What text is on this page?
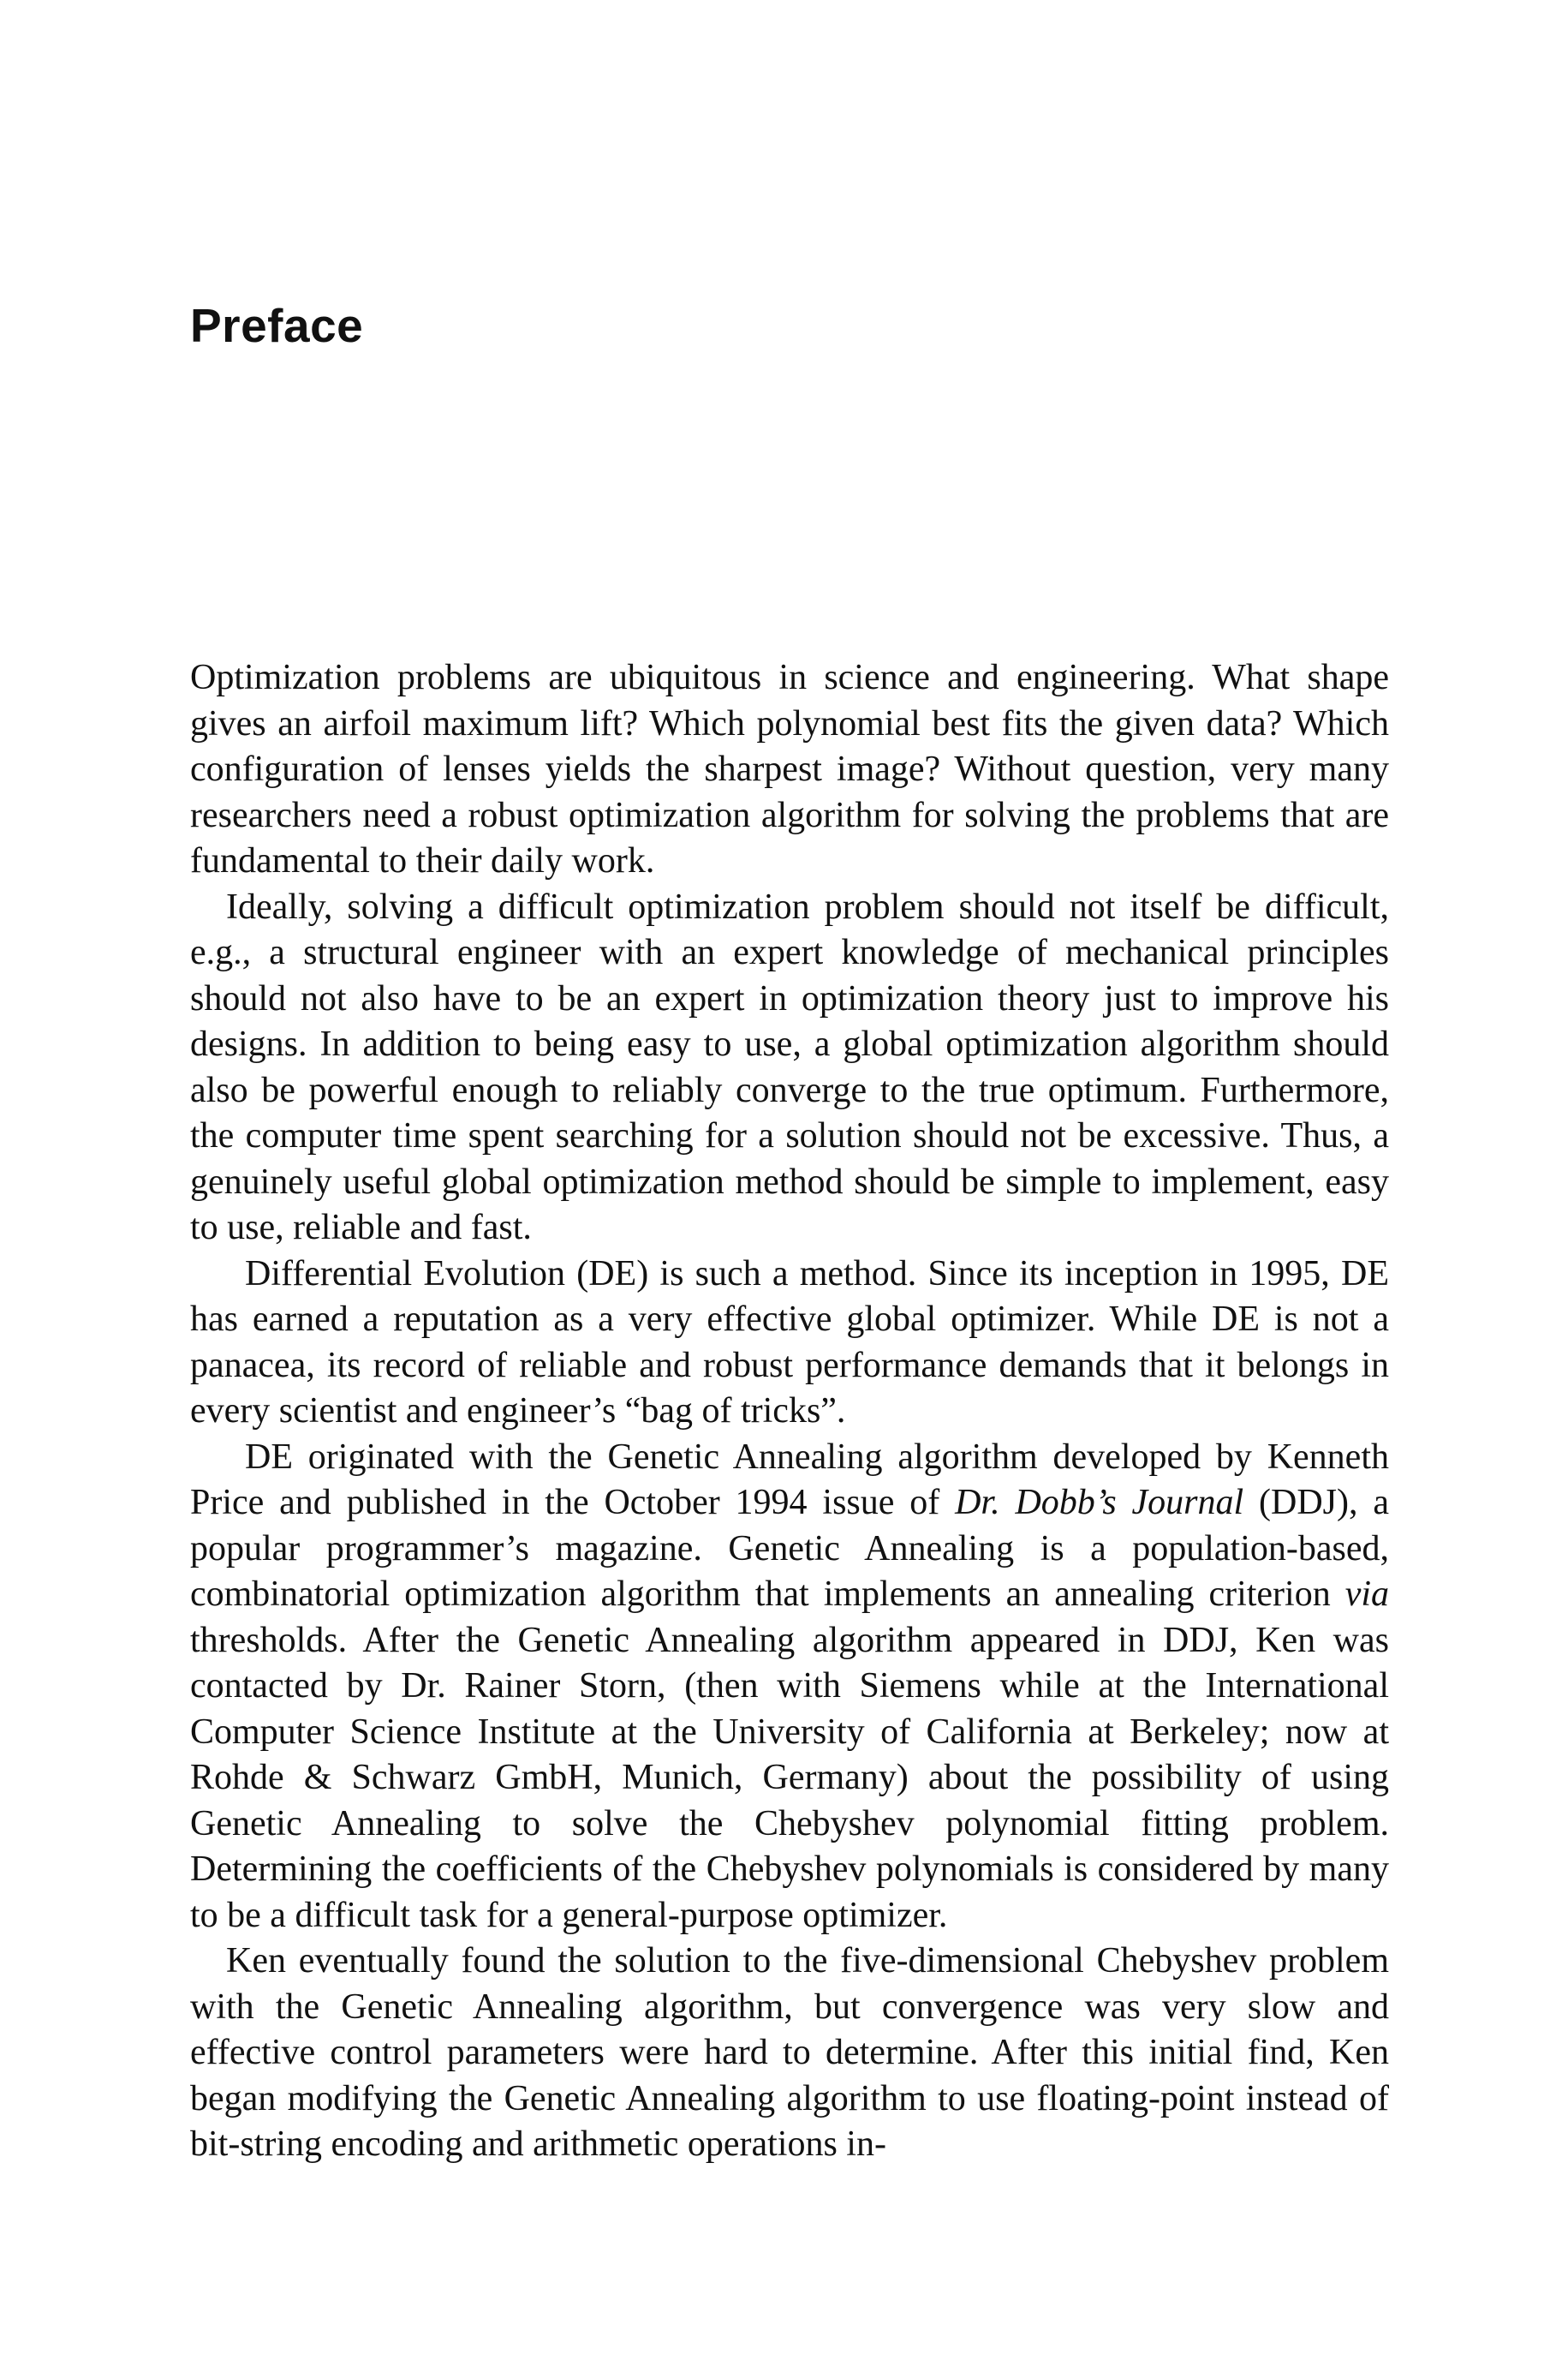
Preface

Optimization problems are ubiquitous in science and engineering. What shape gives an airfoil maximum lift? Which polynomial best fits the given data? Which configuration of lenses yields the sharpest image? Without question, very many researchers need a robust optimization algorithm for solving the problems that are fundamental to their daily work.

Ideally, solving a difficult optimization problem should not itself be difficult, e.g., a structural engineer with an expert knowledge of mechanical principles should not also have to be an expert in optimization theory just to improve his designs. In addition to being easy to use, a global optimization algorithm should also be powerful enough to reliably converge to the true optimum. Furthermore, the computer time spent searching for a solution should not be excessive. Thus, a genuinely useful global optimization method should be simple to implement, easy to use, reliable and fast.

Differential Evolution (DE) is such a method. Since its inception in 1995, DE has earned a reputation as a very effective global optimizer. While DE is not a panacea, its record of reliable and robust performance demands that it belongs in every scientist and engineer’s “bag of tricks”.

DE originated with the Genetic Annealing algorithm developed by Kenneth Price and published in the October 1994 issue of Dr. Dobb’s Journal (DDJ), a popular programmer’s magazine. Genetic Annealing is a population-based, combinatorial optimization algorithm that implements an annealing criterion via thresholds. After the Genetic Annealing algorithm appeared in DDJ, Ken was contacted by Dr. Rainer Storn, (then with Siemens while at the International Computer Science Institute at the University of California at Berkeley; now at Rohde & Schwarz GmbH, Munich, Germany) about the possibility of using Genetic Annealing to solve the Chebyshev polynomial fitting problem. Determining the coefficients of the Chebyshev polynomials is considered by many to be a difficult task for a general-purpose optimizer.

Ken eventually found the solution to the five-dimensional Chebyshev problem with the Genetic Annealing algorithm, but convergence was very slow and effective control parameters were hard to determine. After this initial find, Ken began modifying the Genetic Annealing algorithm to use floating-point instead of bit-string encoding and arithmetic operations in-
